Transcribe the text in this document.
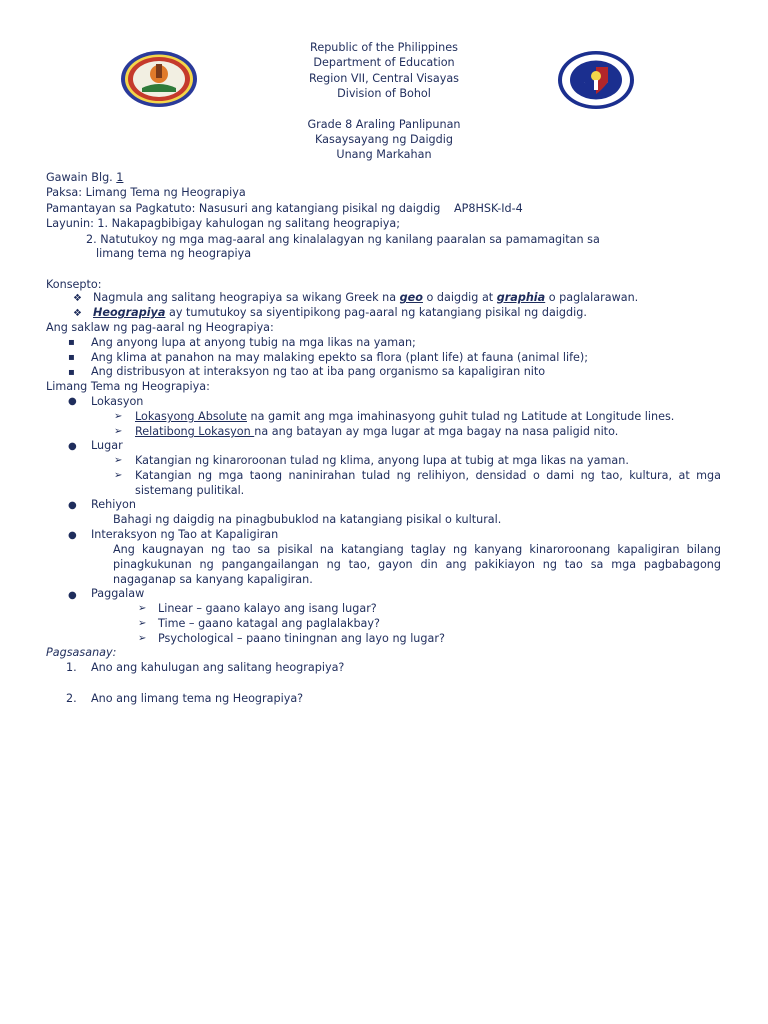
Republic of the Philippines
Department of Education
Region VII, Central Visayas
Division of Bohol
Grade 8 Araling Panlipunan
Kasaysayang ng Daigdig
Unang Markahan
Gawain Blg. 1
Paksa: Limang Tema ng Heograpiya
Pamantayan sa Pagkatuto: Nasusuri ang katangiang pisikal ng daigdig AP8HSK-Id-4
Layunin: 1. Nakapagbibigay kahulogan ng salitang heograpiya;
2. Natutukoy ng mga mag-aaral ang kinalalagyan ng kanilang paaralan sa pamamagitan sa
limang tema ng heograpiya
Konsepto:
❖ Nagmula ang salitang heograpiya sa wikang Greek na geo o daigdig at graphia o paglalarawan.
❖ Heograpiya ay tumutukoy sa siyentipikong pag-aaral ng katangiang pisikal ng daigdig.
Ang saklaw ng pag-aaral ng Heograpiya:
▪ Ang anyong lupa at anyong tubig na mga likas na yaman;
▪ Ang klima at panahon na may malaking epekto sa flora (plant life) at fauna (animal life);
▪ Ang distribusyon at interaksyon ng tao at iba pang organismo sa kapaligiran nito
Limang Tema ng Heograpiya:
● Lokasyon
➢ Lokasyong Absolute na gamit ang mga imahinasyong guhit tulad ng Latitude at Longitude lines.
➢ Relatibong Lokasyon na ang batayan ay mga lugar at mga bagay na nasa paligid nito.
● Lugar
➢ Katangian ng kinaroroonan tulad ng klima, anyong lupa at tubig at mga likas na yaman.
➢ Katangian ng mga taong naninirahan tulad ng relihiyon, densidad o dami ng tao, kultura, at mga sistemang pulitikal.
● Rehiyon
Bahagi ng daigdig na pinagbubuklod na katangiang pisikal o kultural.
● Interaksyon ng Tao at Kapaligiran
Ang kaugnayan ng tao sa pisikal na katangiang taglay ng kanyang kinaroroonang kapaligiran bilang pinagkukunan ng pangangailangan ng tao, gayon din ang pakikiayon ng tao sa mga pagbabagong nagaganap sa kanyang kapaligiran.
● Paggalaw
➢ Linear – gaano kalayo ang isang lugar?
➢ Time – gaano katagal ang paglalakbay?
➢ Psychological – paano tiningnan ang layo ng lugar?
Pagsasanay:
1. Ano ang kahulugan ang salitang heograpiya?
2. Ano ang limang tema ng Heograpiya?
